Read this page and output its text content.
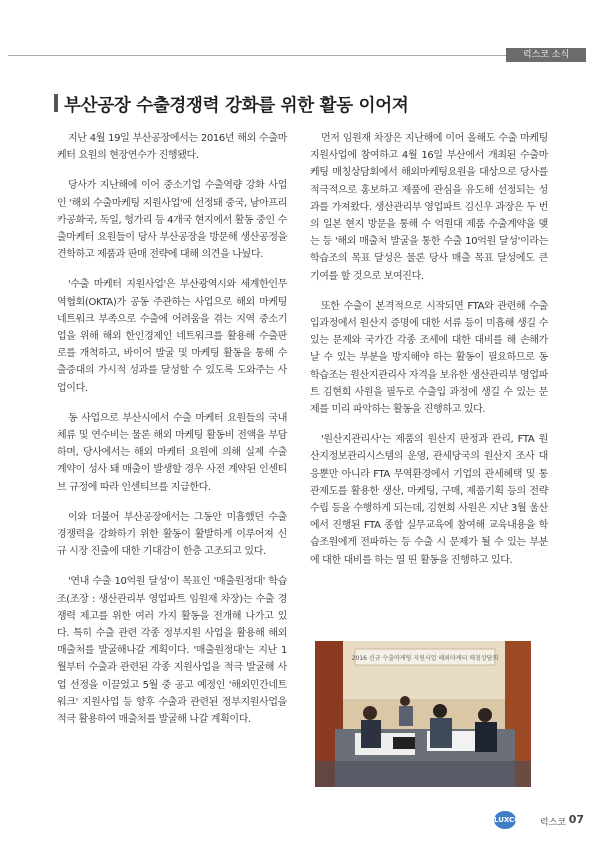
럭스코 소식
부산공장 수출경쟁력 강화를 위한 활동 이어져

지난 4월 19일 부산공장에서는 2016년 해외 수출마케터 요원의 현장연수가 진행됐다.

당사가 지난해에 이어 중소기업 수출역량 강화 사업인 '해외 수출마케팅 지원사업'에 선정돼 중국, 남아프리카공화국, 독일, 헝가리 등 4개국 현지에서 활동 중인 수출마케터 요원들이 당사 부산공장을 방문해 생산공정을 견학하고 제품과 판매 전략에 대해 의견을 나눴다.

'수출 마케터 지원사업'은 부산광역시와 세계한인무역협회(OKTA)가 공동 주관하는 사업으로 해외 마케팅 네트워크 부족으로 수출에 어려움을 겪는 지역 중소기업을 위해 해외 한인경제인 네트워크를 활용해 수출판로를 개척하고, 바이어 발굴 및 마케팅 활동을 통해 수출증대의 가시적 성과를 달성할 수 있도록 도와주는 사업이다.

동 사업으로 부산시에서 수출 마케터 요원들의 국내 체류 및 연수비는 물론 해외 마케팅 활동비 전액을 부담하며, 당사에서는 해외 마케터 요원에 의해 실제 수출 계약이 성사 돼 매출이 발생할 경우 사전 계약된 인센티브 규정에 따라 인센티브를 지급한다.

이와 더불어 부산공장에서는 그동안 미흡했던 수출 경쟁력을 강화하기 위한 활동이 활발하게 이루어져 신규 시장 진출에 대한 기대감이 한층 고조되고 있다.

'연내 수출 10억원 달성'이 목표인 '매출원정대' 학습조(조장 : 생산관리부 영업파트 임원재 차장)는 수출 경쟁력 제고를 위한 여러 가지 활동을 전개해 나가고 있다. 특히 수출 관련 각종 정부지원 사업을 활용해 해외 매출처를 발굴해나갈 계획이다. '매출원정대'는 지난 1월부터 수출과 관련된 각종 지원사업을 적극 발굴해 사업 선정을 이끌었고 5월 중 공고 예정인 '해외민간네트워크' 지원사업 등 향후 수출과 관련된 정부지원사업을 적극 활용하여 매출처를 발굴해 나갈 계획이다.

먼저 임원재 차장은 지난해에 이어 올해도 수출 마케팅 지원사업에 참여하고 4월 16일 부산에서 개최된 수출마케팅 매칭상담회에서 해외마케팅요원을 대상으로 당사를 적극적으로 홍보하고 제품에 관심을 유도해 선정되는 성과를 가져왔다. 생산관리부 영업파트 김신우 과장은 두 번의 일본 현지 방문을 통해 수 억원대 제품 수출계약을 맺는 등 '해외 매출처 발굴을 통한 수출 10억원 달성'이라는 학습조의 목표 달성은 물론 당사 매출 목표 달성에도 큰 기여를 할 것으로 보여진다.

또한 수출이 본격적으로 시작되면 FTA와 관련해 수출입과정에서 원산지 증명에 대한 서류 등이 미흡해 생길 수 있는 문제와 국가간 각종 조세에 대한 대비를 해 손해가 날 수 있는 부분을 방지해야 하는 활동이 필요하므로 동 학습조는 원산지관리사 자격을 보유한 생산관리부 영업파트 김현희 사원을 필두로 수출입 과정에 생길 수 있는 문제를 미리 파악하는 활동을 진행하고 있다.

'원산지관리사'는 제품의 원산지 판정과 관리, FTA 원산지정보관리시스템의 운영, 관세당국의 원산지 조사 대응뿐만 아니라 FTA 무역환경에서 기업의 관세혜택 및 통관제도를 활용한 생산, 마케팅, 구매, 제품기획 등의 전략 수립 등을 수행하게 되는데, 김현희 사원은 지난 3월 울산에서 진행된 FTA 종합 실무교육에 참여해 교육내용을 학습조원에게 전파하는 등 수출 시 문제가 될 수 있는 부분에 대한 대비를 하는 열 띤 활동을 진행하고 있다.

2016 신규 수출마케팅 지원사업 해외마케터 매칭상담회
LUXCO 럭스코 07
